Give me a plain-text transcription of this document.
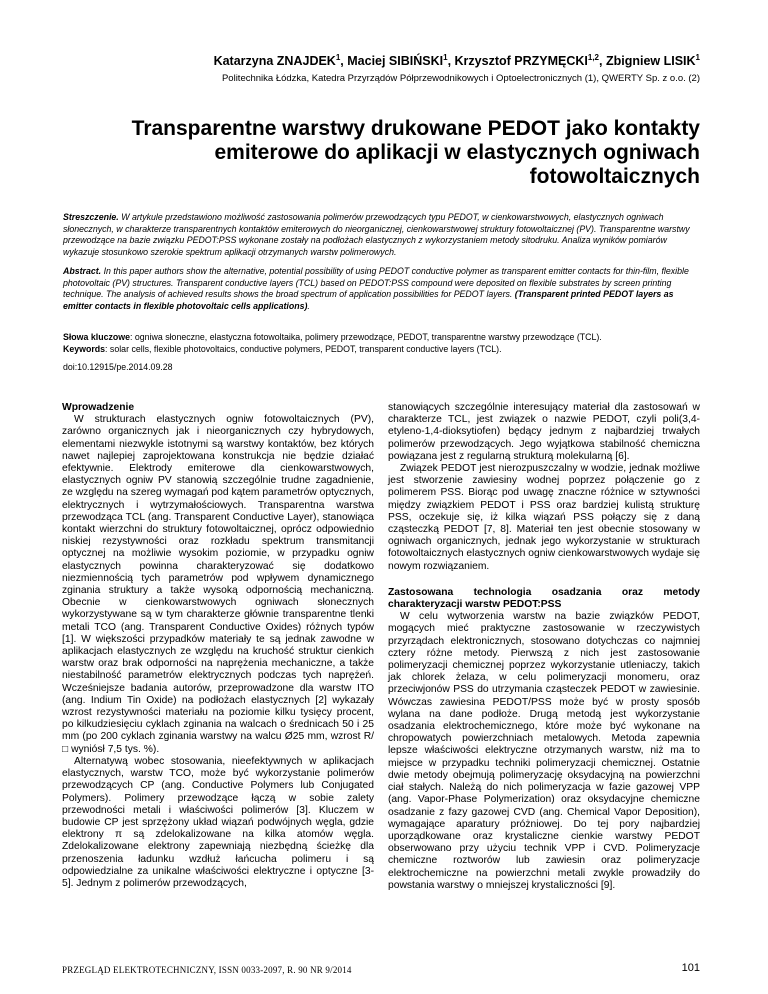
Katarzyna ZNAJDEK$^1$, Maciej SIBIŃSKI$^1$, Krzysztof PRZYMĘCKI$^{1,2}$, Zbigniew LISIK$^1$
Politechnika Łódzka, Katedra Przyrządów Półprzewodnikowych i Optoelectronicznych (1), QWERTY Sp. z o.o. (2)
Transparentne warstwy drukowane PEDOT jako kontakty
emiterowe do aplikacji w elastycznych ogniwach
fotowoltaicznych
Streszczenie. W artykule przedstawiono możliwość zastosowania polimerów przewodzących typu PEDOT, w cienkowarstwowych, elastycznych ogniwach słonecznych, w charakterze transparentnych kontaktów emiterowych do nieorganicznej, cienkowarstwowej struktury fotowoltaicznej (PV). Transparentne warstwy przewodzące na bazie związku PEDOT:PSS wykonane zostały na podłożach elastycznych z wykorzystaniem metody sitodruku. Analiza wyników pomiarów wykazuje stosunkowo szerokie spektrum aplikacji otrzymanych warstw polimerowych.
Abstract. In this paper authors show the alternative, potential possibility of using PEDOT conductive polymer as transparent emitter contacts for thin-film, flexible photovoltaic (PV) structures. Transparent conductive layers (TCL) based on PEDOT:PSS compound were deposited on flexible substrates by screen printing technique. The analysis of achieved results shows the broad spectrum of application possibilities for PEDOT layers. (Transparent printed PEDOT layers as emitter contacts in flexible photovoltaic cells applications).
Słowa kluczowe: ogniwa słoneczne, elastyczna fotowoltaika, polimery przewodzące, PEDOT, transparentne warstwy przewodzące (TCL).
Keywords: solar cells, flexible photovoltaics, conductive polymers, PEDOT, transparent conductive layers (TCL).
doi:10.12915/pe.2014.09.28
Wprowadzenie

W strukturach elastycznych ogniw fotowoltaicznych (PV), zarówno organicznych jak i nieorganicznych czy hybrydowych, elementami niezwykle istotnymi są warstwy kontaktów, bez których nawet najlepiej zaprojektowana konstrukcja nie będzie działać efektywnie. Elektrody emiterowe dla cienkowarstwowych, elastycznych ogniw PV stanowią szczególnie trudne zagadnienie, ze względu na szereg wymagań pod kątem parametrów optycznych, elektrycznych i wytrzymałościowych. Transparentna warstwa przewodząca TCL (ang. Transparent Conductive Layer), stanowiąca kontakt wierzchni do struktury fotowoltaicznej, oprócz odpowiednio niskiej rezystywności oraz rozkładu spektrum transmitancji optycznej na możliwie wysokim poziomie, w przypadku ogniw elastycznych powinna charakteryzować się dodatkowo niezmiennością tych parametrów pod wpływem dynamicznego zginania struktury a także wysoką odpornością mechaniczną. Obecnie w cienkowarstwowych ogniwach słonecznych wykorzystywane są w tym charakterze głównie transparentne tlenki metali TCO (ang. Transparent Conductive Oxides) różnych typów [1]. W większości przypadków materiały te są jednak zawodne w aplikacjach elastycznych ze względu na kruchość struktur cienkich warstw oraz brak odporności na naprężenia mechaniczne, a także niestabilność parametrów elektrycznych podczas tych naprężeń. Wcześniejsze badania autorów, przeprowadzone dla warstw ITO (ang. Indium Tin Oxide) na podłożach elastycznych [2] wykazały wzrost rezystywności materiału na poziomie kilku tysięcy procent, po kilkudziesięciu cyklach zginania na walcach o średnicach 50 i 25 mm (po 200 cyklach zginania warstwy na walcu Ø25 mm, wzrost R/□ wyniósł 7,5 tys. %).

Alternatywą wobec stosowania, nieefektywnych w aplikacjach elastycznych, warstw TCO, może być wykorzystanie polimerów przewodzących CP (ang. Conductive Polymers lub Conjugated Polymers). Polimery przewodzące łączą w sobie zalety przewodności metali i właściwości polimerów [3]. Kluczem w budowie CP jest sprzężony układ wiązań podwójnych węgla, gdzie elektrony π są zdelokalizowane na kilka atomów węgla. Zdelokalizowane elektrony zapewniają niezbędną ścieżkę dla przenoszenia ładunku wzdłuż łańcucha polimeru i są odpowiedzialne za unikalne właściwości elektryczne i optyczne [3-5]. Jednym z polimerów przewodzących,

stanowiących szczególnie interesujący materiał dla zastosowań w charakterze TCL, jest związek o nazwie PEDOT, czyli poli(3,4-etyleno-1,4-dioksytiofen) będący jednym z najbardziej trwałych polimerów przewodzących. Jego wyjątkowa stabilność chemiczna powiązana jest z regularną strukturą molekularną [6].

Związek PEDOT jest nierozpuszczalny w wodzie, jednak możliwe jest stworzenie zawiesiny wodnej poprzez połączenie go z polimerem PSS. Biorąc pod uwagę znaczne różnice w sztywności między związkiem PEDOT i PSS oraz bardziej kulistą strukturę PSS, oczekuje się, iż kilka wiązań PSS połączy się z daną cząsteczką PEDOT [7, 8]. Materiał ten jest obecnie stosowany w ogniwach organicznych, jednak jego wykorzystanie w strukturach fotowoltaicznych elastycznych ogniw cienkowarstwowych wydaje się nowym rozwiązaniem.

Zastosowana technologia osadzania oraz metody charakteryzacji warstw PEDOT:PSS

W celu wytworzenia warstw na bazie związków PEDOT, mogących mieć praktyczne zastosowanie w rzeczywistych przyrządach elektronicznych, stosowano dotychczas co najmniej cztery różne metody. Pierwszą z nich jest zastosowanie polimeryzacji chemicznej poprzez wykorzystanie utleniaczy, takich jak chlorek żelaza, w celu polimeryzacji monomeru, oraz przeciwjonów PSS do utrzymania cząsteczek PEDOT w zawiesinie. Wówczas zawiesina PEDOT/PSS może być w prosty sposób wylana na dane podłoże. Drugą metodą jest wykorzystanie osadzania elektrochemicznego, które może być wykonane na chropowatych powierzchniach metalowych. Metoda zapewnia lepsze właściwości elektryczne otrzymanych warstw, niż ma to miejsce w przypadku techniki polimeryzacji chemicznej. Ostatnie dwie metody obejmują polimeryzację oksydacyjną na powierzchni ciał stałych. Należą do nich polimeryzacja w fazie gazowej VPP (ang. Vapor-Phase Polymerization) oraz oksydacyjne chemiczne osadzanie z fazy gazowej CVD (ang. Chemical Vapor Deposition), wymagające aparatury próżniowej. Do tej pory najbardziej uporządkowane oraz krystaliczne cienkie warstwy PEDOT obserwowano przy użyciu technik VPP i CVD. Polimeryzacje chemiczne roztworów lub zawiesin oraz polimeryzacje elektrochemiczne na powierzchni metali zwykle prowadziły do powstania warstwy o mniejszej krystaliczności [9].

PRZEGLĄD ELEKTROTECHNICZNY, ISSN 0033-2097, R. 90 NR 9/2014	101
